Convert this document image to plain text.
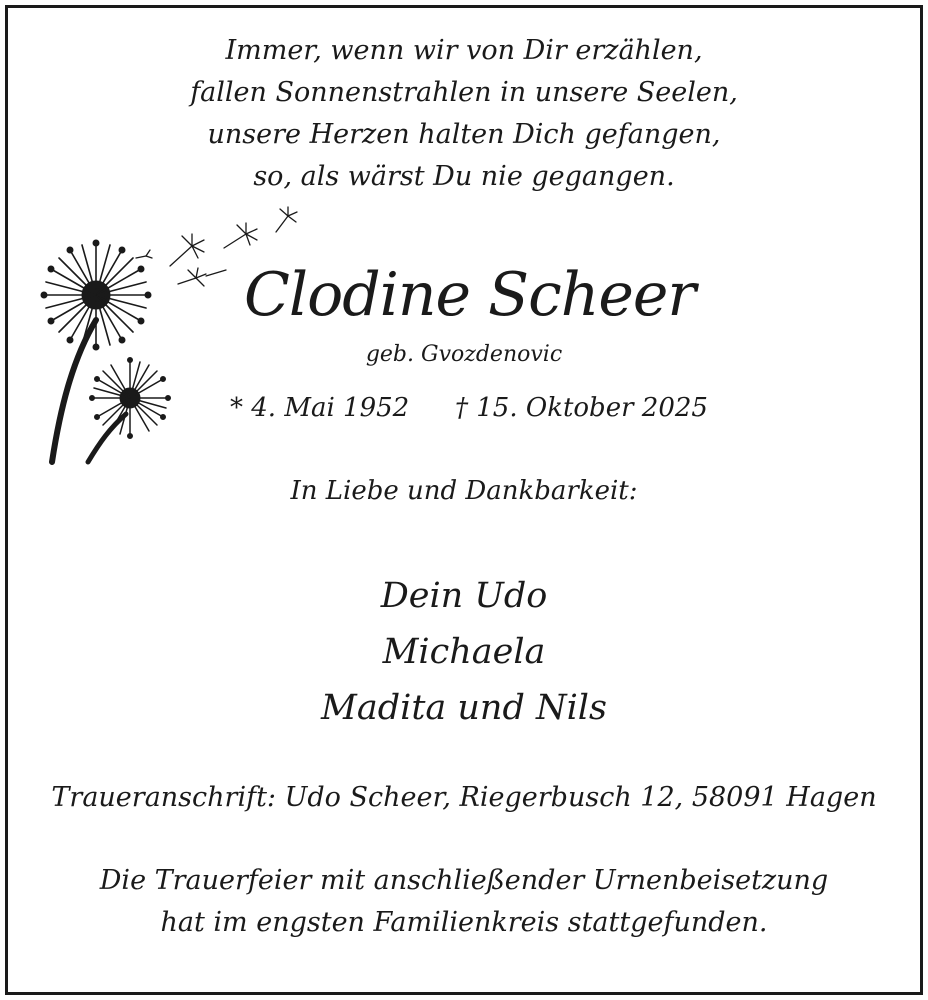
Immer, wenn wir von Dir erzählen,
fallen Sonnenstrahlen in unsere Seelen,
unsere Herzen halten Dich gefangen,
so, als wärst Du nie gegangen.
Clodine Scheer
geb. Gvozdenovic
* 4. Mai 1952 † 15. Oktober 2025
In Liebe und Dankbarkeit:
Dein Udo
Michaela
Madita und Nils
Traueranschrift: Udo Scheer, Riegerbusch 12, 58091 Hagen
Die Trauerfeier mit anschließender Urnenbeisetzung
hat im engsten Familienkreis stattgefunden.
